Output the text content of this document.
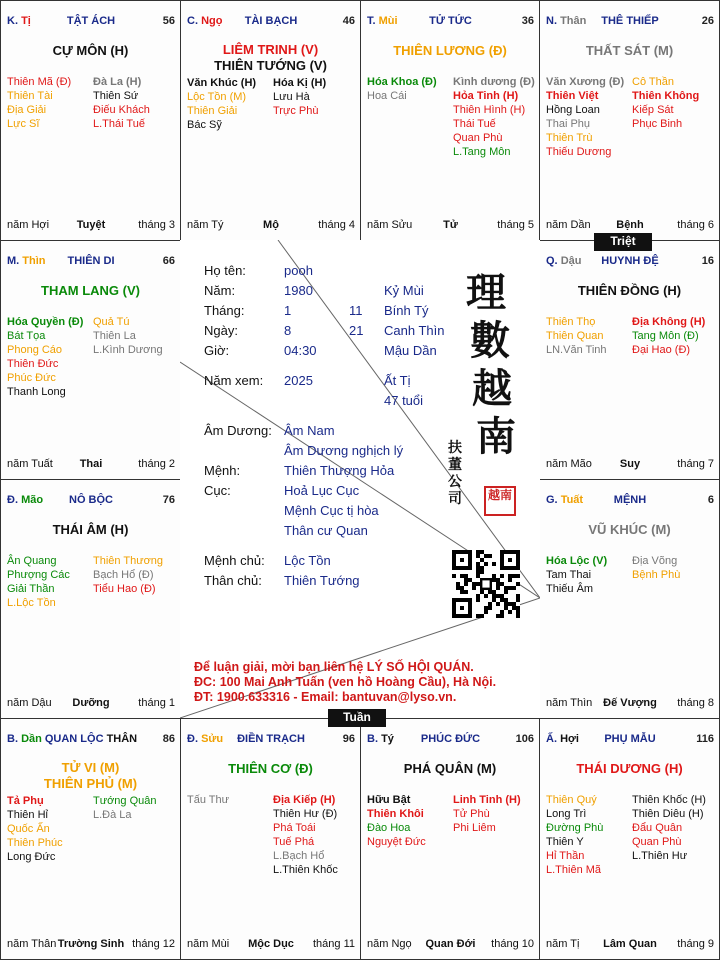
K. Tị	TẬT ÁCH	56
CỰ MÔN (H)
Thiên Mã (Đ)
Thiên Tài
Địa Giải
Lực Sĩ
Đà La (H)
Thiên Sứ
Điếu Khách
L.Thái Tuế
năm Hợi	Tuyệt	tháng 3
C. Ngọ	TÀI BẠCH	46
LIÊM TRINH (V)
THIÊN TƯỚNG (V)
Văn Khúc (H)
Lộc Tồn (M)
Thiên Giải
Bác Sỹ
Hóa Kị (H)
Lưu Hà
Trực Phù
năm Tý	Mộ	tháng 4
T. Mùi	TỬ TỨC	36
THIÊN LƯƠNG (Đ)
Hóa Khoa (Đ)
Hoa Cái
Kình dương (Đ)
Hỏa Tinh (H)
Thiên Hình (H)
Thái Tuế
Quan Phù
L.Tang Môn
năm Sửu	Tử	tháng 5
N. Thân	THÊ THIẾP	26
THẤT SÁT (M)
Văn Xương (Đ)
Thiên Việt
Hồng Loan
Thai Phụ
Thiên Trù
Thiếu Dương
Cô Thần
Thiên Không
Kiếp Sát
Phục Binh
năm Dần	Bệnh	tháng 6
Q. Dậu	HUYNH ĐỆ	16
THIÊN ĐỒNG (H)
Thiên Thọ
Thiên Quan
LN.Văn Tinh
Địa Không (H)
Tang Môn (Đ)
Đại Hao (Đ)
năm Mão	Suy	tháng 7
G. Tuất	MỆNH	6
VŨ KHÚC (M)
Hóa Lộc (V)
Tam Thai
Thiếu Âm
Địa Võng
Bệnh Phù
năm Thìn Đế Vượng	tháng 8
Ấ. Hợi	PHỤ MẪU	116
THÁI DƯƠNG (H)
Thiên Quý
Long Trì
Đường Phù
Thiên Y
Hỉ Thần
L.Thiên Mã
Thiên Khốc (H)
Thiên Diêu (H)
Đẩu Quân
Quan Phù
L.Thiên Hư
năm Tị	Lâm Quan	tháng 9
B. Tý	PHÚC ĐỨC	106
PHÁ QUÂN (M)
Hữu Bật
Thiên Khôi
Đào Hoa
Nguyệt Đức
Linh Tinh (H)
Tử Phù
Phi Liêm
năm Ngọ	Quan Đới	tháng 10
Đ. Sửu	ĐIỀN TRẠCH	96
THIÊN CƠ (Đ)
Tấu Thư	Địa Kiếp (H)
Thiên Hư (Đ)
Phá Toái
Tuế Phá
L.Bạch Hổ
L.Thiên Khốc
năm Mùi	Mộc Dục	tháng 11
B. Dần QUAN LỘC THÂN	86
TỬ VI (M)
THIÊN PHỦ (M)
Tả Phụ
Thiên Hỉ
Quốc Ấn
Thiên Phúc
Long Đức
Tướng Quân
L.Đà La
năm Thân Trường Sinh tháng 12
Đ. Mão	NÔ BỘC	76
THÁI ÂM (H)
Ân Quang
Phượng Các
Giải Thần
L.Lộc Tồn
Thiên Thương
Bạch Hổ (Đ)
Tiểu Hao (Đ)
năm Dậu	Dưỡng	tháng 1
M. Thìn	THIÊN DI	66
THAM LANG (V)
Hóa Quyền (Đ)
Bát Tọa
Phong Cáo
Thiên Đức
Phúc Đức
Thanh Long
Quả Tú
Thiên La
L.Kình Dương
năm Tuất	Thai	tháng 2
Họ tên:	pooh
Năm:	1980	Kỷ Mùi
Tháng:	1	11 Bính Tý
Ngày:	8	21 Canh Thìn
Giờ:	04:30	Mậu Dần
Năm xem: 2025	Ất Tị
47 tuổi
Âm Dương: Âm Nam
Âm Dương nghịch lý
Mệnh:	Thiên Thượng Hỏa
Cục:	Hoả Lục Cục
Mệnh Cục tị hòa
Thân cư Quan
Mệnh chủ: Lộc Tồn
Thân chủ: Thiên Tướng
理
數
越
南
扶
董
公
司	越南
Để luận giải, mời bạn liên hệ LÝ SỐ HỘI QUÁN.
ĐC: 100 Mai Anh Tuấn (ven hồ Hoàng Cầu), Hà Nội.
ĐT: 1900.633316 - Email: bantuvan@lyso.vn.
Triệt
Tuần
